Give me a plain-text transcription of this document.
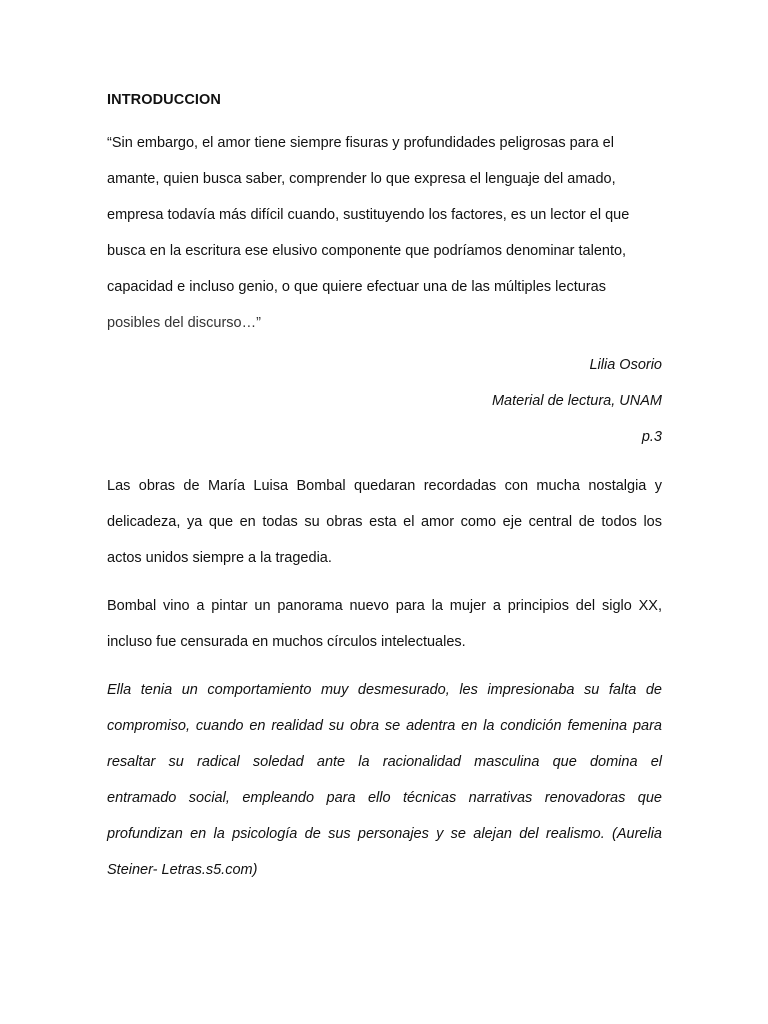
INTRODUCCION
“Sin embargo, el amor tiene siempre fisuras y profundidades peligrosas para el
amante, quien busca saber, comprender lo que expresa el lenguaje del amado,
empresa todavía más difícil cuando, sustituyendo los factores, es un lector el que
busca en la escritura ese elusivo componente que podríamos denominar talento,
capacidad e incluso genio, o que quiere efectuar una de las múltiples lecturas
posibles del discurso…”
Lilia Osorio
Material de lectura, UNAM
p.3
Las obras de María Luisa Bombal quedaran recordadas con mucha nostalgia y
delicadeza, ya que en todas su obras esta el amor como eje central de todos los
actos unidos siempre a la tragedia.
Bombal vino a pintar un panorama nuevo para la mujer a principios del siglo XX,
incluso fue censurada en muchos círculos intelectuales.
Ella tenia un comportamiento muy desmesurado, les impresionaba su falta de
compromiso, cuando en realidad su obra se adentra en la condición femenina para
resaltar su radical soledad ante la racionalidad masculina que domina el
entramado social, empleando para ello técnicas narrativas renovadoras que
profundizan en la psicología de sus personajes y se alejan del realismo. (Aurelia
Steiner- Letras.s5.com)
